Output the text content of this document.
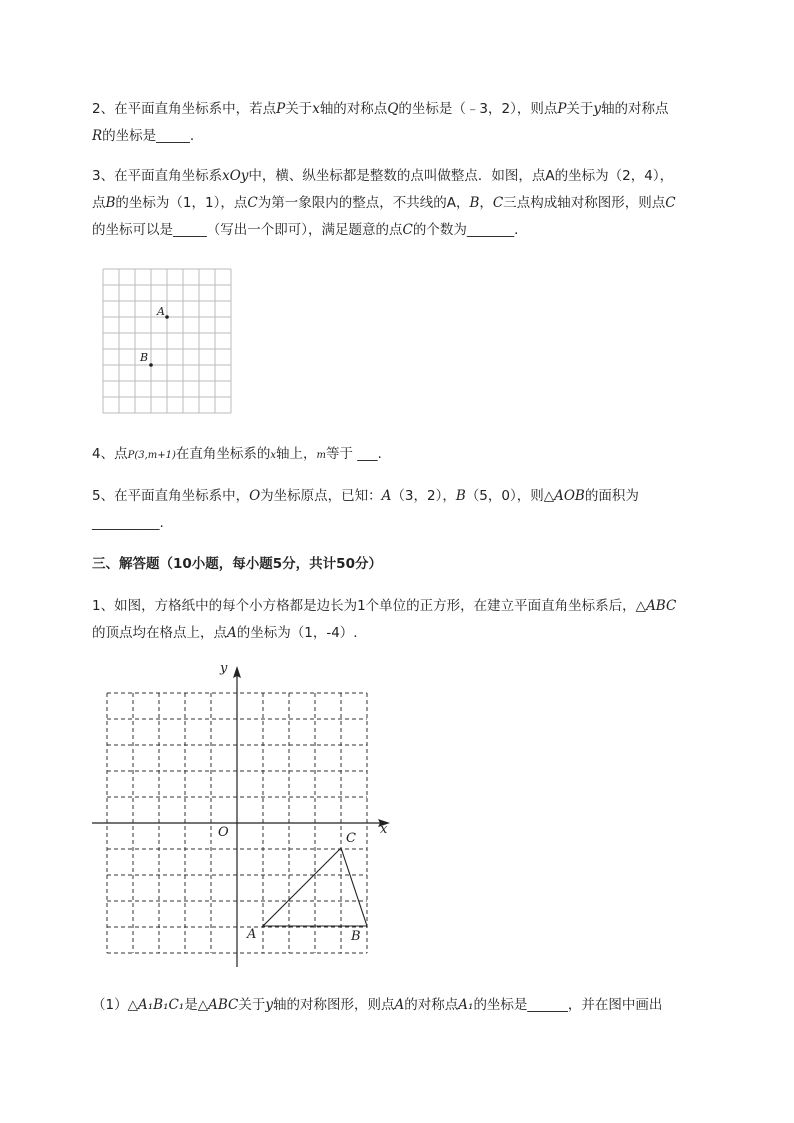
2、在平面直角坐标系中，若点P关于x轴的对称点Q的坐标是（﹣3，2），则点P关于y轴的对称点
R的坐标是_____.
3、在平面直角坐标系xOy中，横、纵坐标都是整数的点叫做整点．如图，点A的坐标为（2，4），
点B的坐标为（1，1），点C为第一象限内的整点，不共线的A，B，C三点构成轴对称图形，则点C
的坐标可以是_____（写出一个即可），满足题意的点C的个数为_______.
A
B
4、点P(3,m+1)在直角坐标系的x轴上，m等于 ___.
5、在平面直角坐标系中，O为坐标原点，已知：A（3，2），B（5，0），则△AOB的面积为
__________.
三、解答题（10小题，每小题5分，共计50分）
1、如图，方格纸中的每个小方格都是边长为1个单位的正方形，在建立平面直角坐标系后，△ABC
的顶点均在格点上，点A的坐标为（1，-4）.
y
x
O
A	B
C
（1）△A₁B₁C₁是△ABC关于y轴的对称图形，则点A的对称点A₁的坐标是______，并在图中画出
